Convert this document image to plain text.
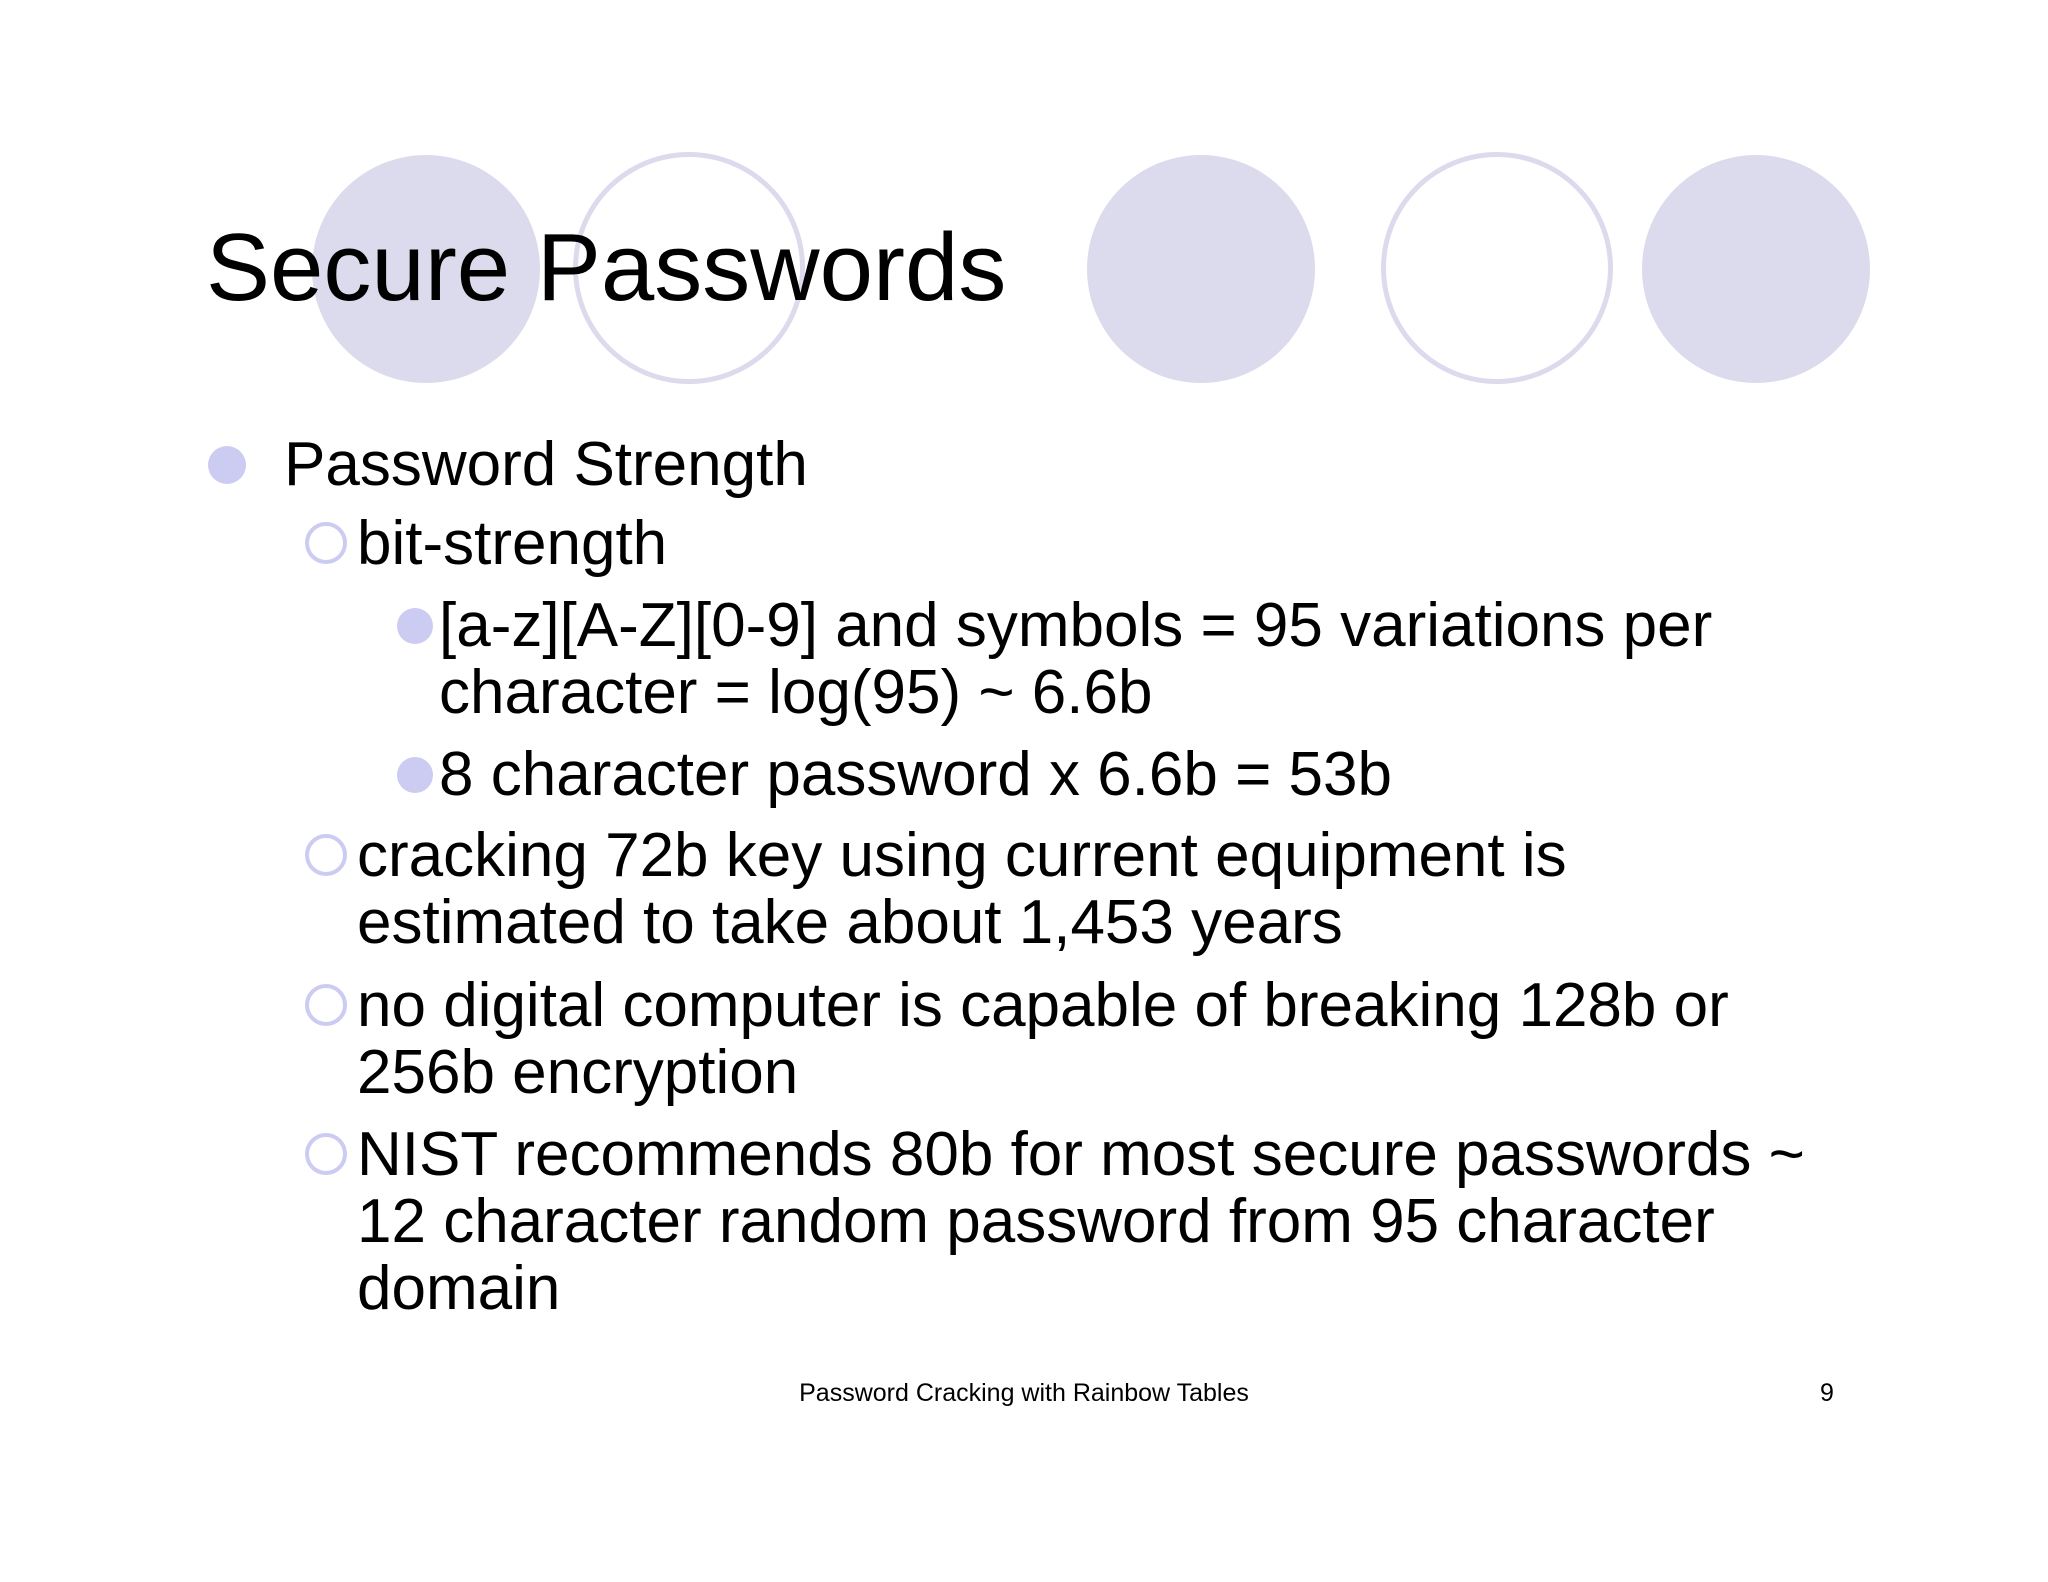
Secure Passwords
Password Strength
bit-strength
[a-z][A-Z][0-9] and symbols = 95 variations per character = log(95) ~ 6.6b
8 character password x 6.6b = 53b
cracking 72b key using current equipment is estimated to take about 1,453 years
no digital computer is capable of breaking 128b or 256b encryption
NIST recommends 80b for most secure passwords ~ 12 character random password from 95 character domain
Password Cracking with Rainbow Tables	9
